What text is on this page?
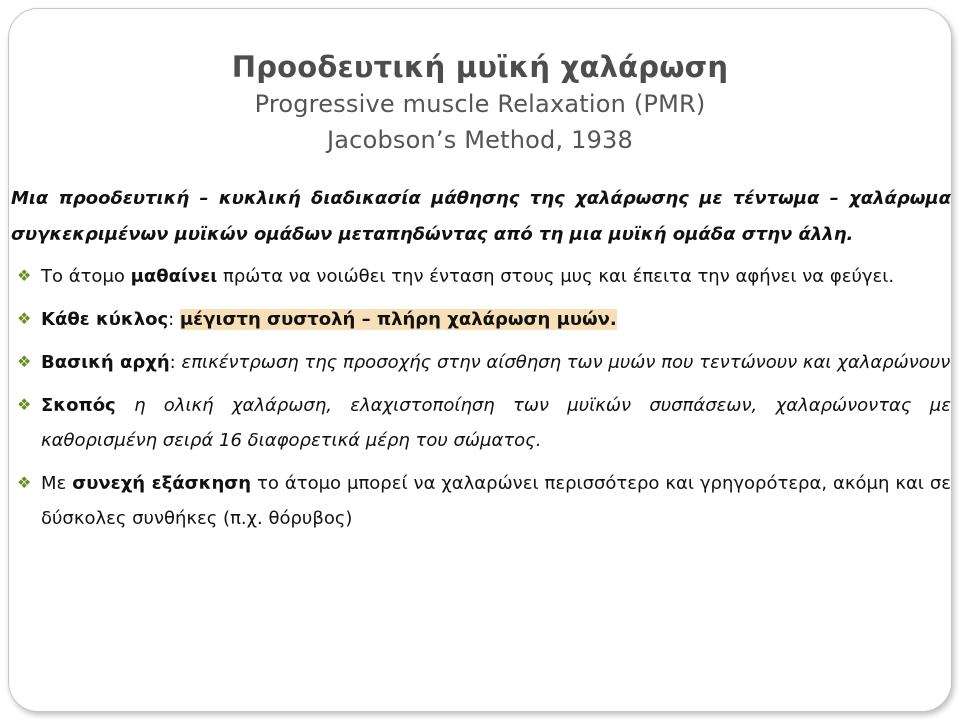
Προοδευτική μυϊκή χαλάρωση
Progressive muscle Relaxation (PMR)
Jacobson’s Method, 1938
Μια προοδευτική – κυκλική διαδικασία μάθησης της χαλάρωσης με τέντωμα – χαλάρωμα συγκεκριμένων μυϊκών ομάδων μεταπηδώντας από τη μια μυϊκή ομάδα στην άλλη.
❖ Το άτομο μαθαίνει πρώτα να νοιώθει την ένταση στους μυς και έπειτα την αφήνει να φεύγει.
❖ Κάθε κύκλος: μέγιστη συστολή – πλήρη χαλάρωση μυών.
❖ Βασική αρχή: επικέντρωση της προσοχής στην αίσθηση των μυών που τεντώνουν και χαλαρώνουν
❖ Σκοπός η ολική χαλάρωση, ελαχιστοποίηση των μυϊκών συσπάσεων, χαλαρώνοντας με καθορισμένη σειρά 16 διαφορετικά μέρη του σώματος.
❖ Με συνεχή εξάσκηση το άτομο μπορεί να χαλαρώνει περισσότερο και γρηγορότερα, ακόμη και σε δύσκολες συνθήκες (π.χ. θόρυβος)
